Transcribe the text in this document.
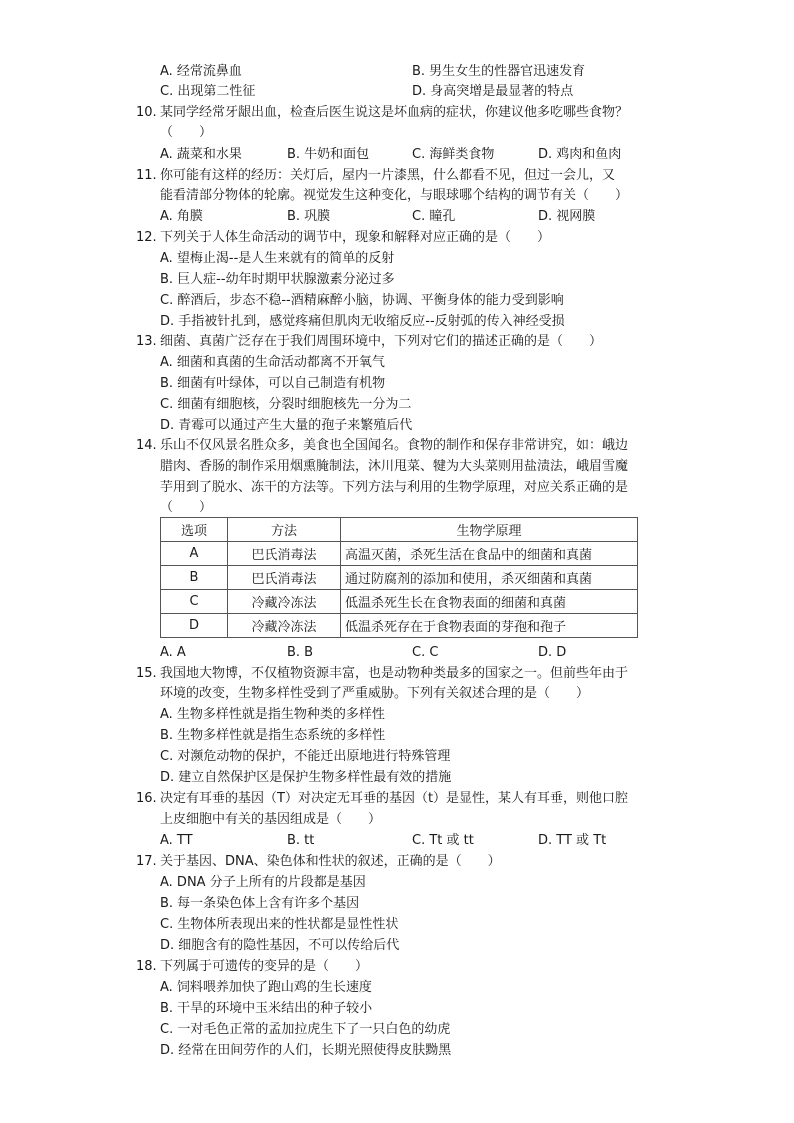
A. 经常流鼻血	B. 男生女生的性器官迅速发育
C. 出现第二性征	D. 身高突增是最显著的特点
10. 某同学经常牙龈出血，检查后医生说这是坏血病的症状，你建议他多吃哪些食物？
（　　）
A. 蔬菜和水果	B. 牛奶和面包	C. 海鲜类食物	D. 鸡肉和鱼肉
11. 你可能有这样的经历：关灯后，屋内一片漆黑，什么都看不见，但过一会儿，又
能看清部分物体的轮廓。视觉发生这种变化，与眼球哪个结构的调节有关（　　）
A. 角膜	B. 巩膜	C. 瞳孔	D. 视网膜
12. 下列关于人体生命活动的调节中，现象和解释对应正确的是（　　）
A. 望梅止渴--是人生来就有的简单的反射
B. 巨人症--幼年时期甲状腺激素分泌过多
C. 醉酒后，步态不稳--酒精麻醉小脑，协调、平衡身体的能力受到影响
D. 手指被针扎到，感觉疼痛但肌肉无收缩反应--反射弧的传入神经受损
13. 细菌、真菌广泛存在于我们周围环境中，下列对它们的描述正确的是（　　）
A. 细菌和真菌的生命活动都离不开氧气
B. 细菌有叶绿体，可以自己制造有机物
C. 细菌有细胞核，分裂时细胞核先一分为二
D. 青霉可以通过产生大量的孢子来繁殖后代
14. 乐山不仅风景名胜众多，美食也全国闻名。食物的制作和保存非常讲究，如：峨边
腊肉、香肠的制作采用烟熏腌制法，沐川甩菜、犍为大头菜则用盐渍法，峨眉雪魔
芋用到了脱水、冻干的方法等。下列方法与利用的生物学原理，对应关系正确的是
（　　）
选项	方法	生物学原理
A	巴氏消毒法	高温灭菌，杀死生活在食品中的细菌和真菌
B	巴氏消毒法	通过防腐剂的添加和使用，杀灭细菌和真菌
C	冷藏冷冻法	低温杀死生长在食物表面的细菌和真菌
D	冷藏冷冻法	低温杀死存在于食物表面的芽孢和孢子
A. A	B. B	C. C	D. D
15. 我国地大物博，不仅植物资源丰富，也是动物种类最多的国家之一。但前些年由于
环境的改变，生物多样性受到了严重威胁。下列有关叙述合理的是（　　）
A. 生物多样性就是指生物种类的多样性
B. 生物多样性就是指生态系统的多样性
C. 对濒危动物的保护，不能迁出原地进行特殊管理
D. 建立自然保护区是保护生物多样性最有效的措施
16. 决定有耳垂的基因（T）对决定无耳垂的基因（t）是显性，某人有耳垂，则他口腔
上皮细胞中有关的基因组成是（　　）
A. TT	B. tt	C. Tt 或 tt	D. TT 或 Tt
17. 关于基因、DNA、染色体和性状的叙述，正确的是（　　）
A. DNA 分子上所有的片段都是基因
B. 每一条染色体上含有许多个基因
C. 生物体所表现出来的性状都是显性性状
D. 细胞含有的隐性基因，不可以传给后代
18. 下列属于可遗传的变异的是（　　）
A. 饲料喂养加快了跑山鸡的生长速度
B. 干旱的环境中玉米结出的种子较小
C. 一对毛色正常的孟加拉虎生下了一只白色的幼虎
D. 经常在田间劳作的人们，长期光照使得皮肤黝黑
